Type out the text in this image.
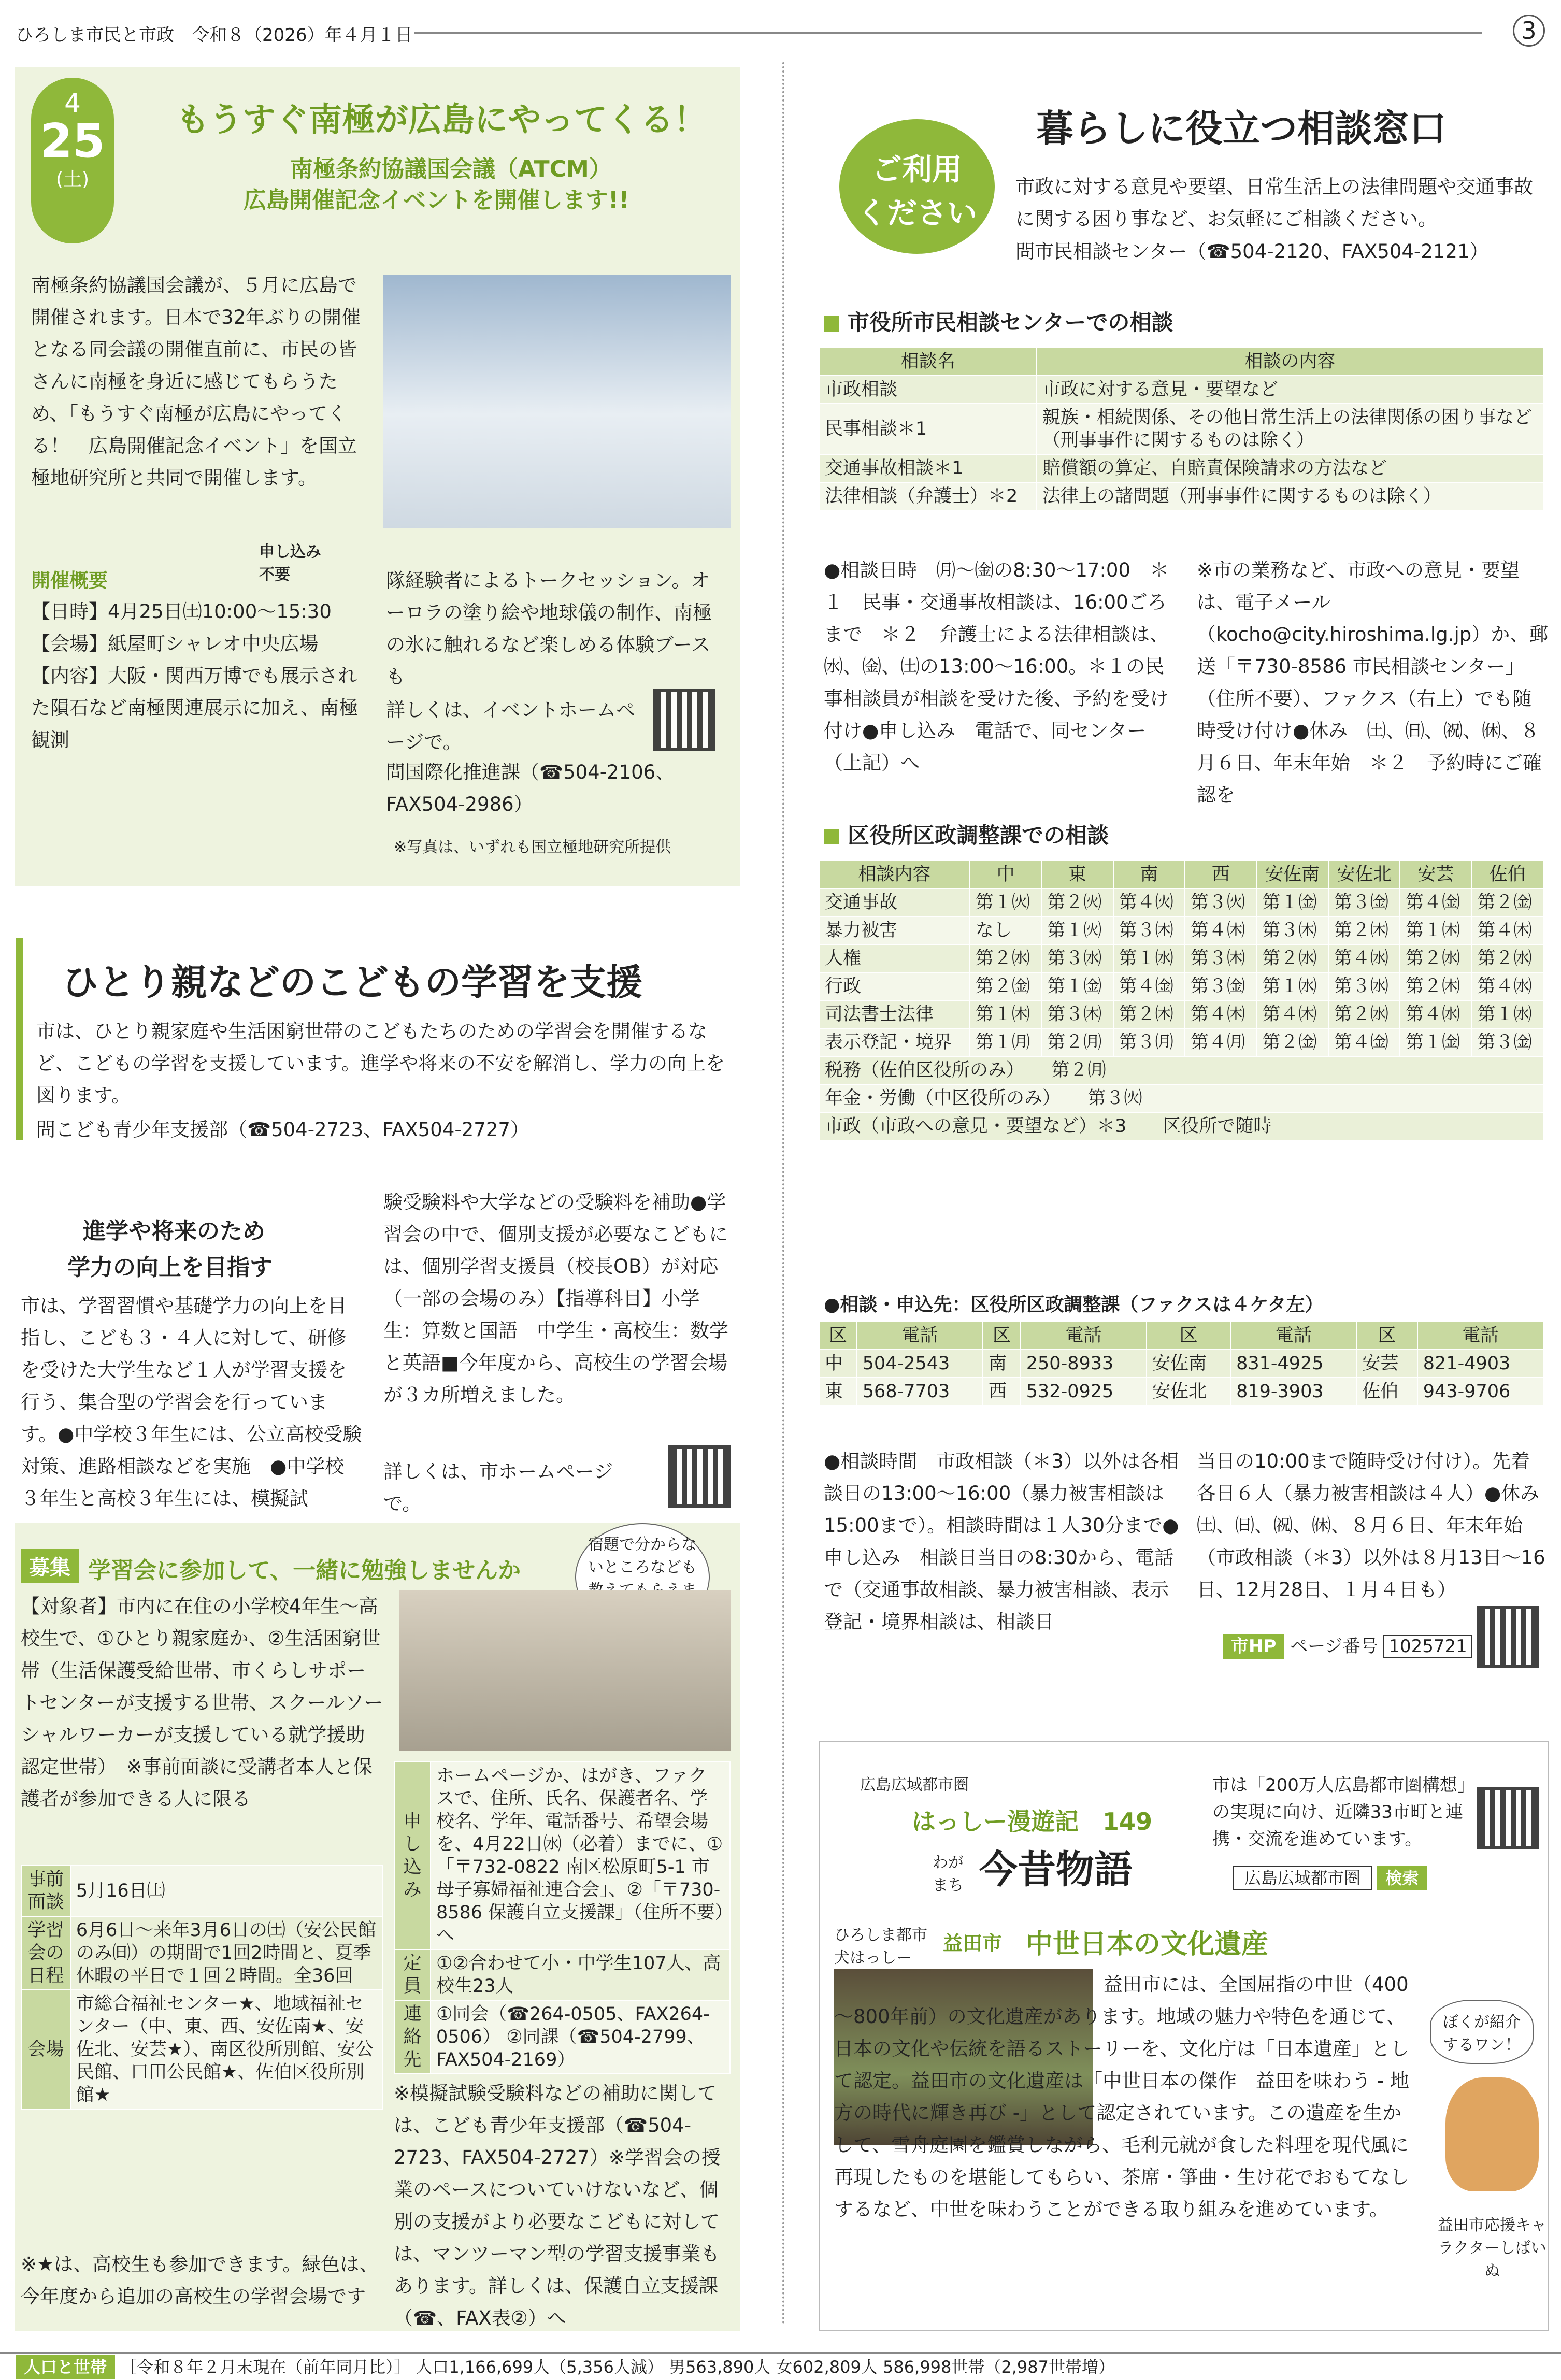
ひろしま市民と市政　令和８（2026）年４月１日	3
4
25
(土)
もうすぐ南極が広島にやってくる！
南極条約協議国会議（ATCM）
広島開催記念イベントを開催します!!
南極条約協議国会議が、５月に広島で開催されます。日本で32年ぶりの開催となる同会議の開催直前に、市民の皆さんに南極を身近に感じてもらうため、「もうすぐ南極が広島にやってくる！　広島開催記念イベント」を国立極地研究所と共同で開催します。
申し込み不要
開催概要
【日時】4月25日㈯10:00～15:30
【会場】紙屋町シャレオ中央広場
【内容】大阪・関西万博でも展示された隕石など南極関連展示に加え、南極観測
隊経験者によるトークセッション。オーロラの塗り絵や地球儀の制作、南極の氷に触れるなど楽しめる体験ブースも
詳しくは、イベントホームページで。
問国際化推進課（☎504-2106、FAX504-2986）
※写真は、いずれも国立極地研究所提供
ひとり親などのこどもの学習を支援
市は、ひとり親家庭や生活困窮世帯のこどもたちのための学習会を開催するなど、こどもの学習を支援しています。進学や将来の不安を解消し、学力の向上を図ります。
問こども青少年支援部（☎504-2723、FAX504-2727）
進学や将来のため
学力の向上を目指す
市は、学習習慣や基礎学力の向上を目指し、こども３・４人に対して、研修を受けた大学生など１人が学習支援を行う、集合型の学習会を行っています。●中学校３年生には、公立高校受験対策、進路相談などを実施　●中学校３年生と高校３年生には、模擬試
験受験料や大学などの受験料を補助●学習会の中で、個別支援が必要なこどもには、個別学習支援員（校長OB）が対応（一部の会場のみ）【指導科目】小学生：算数と国語　中学生・高校生：数学と英語■今年度から、高校生の学習会場が３カ所増えました。
詳しくは、市ホームページで。
募集 学習会に参加して、一緒に勉強しませんか
宿題で分からないところなども
【対象者】市内に在住の小学校4年生～高校生で、①ひとり親家庭か、②生活困窮世帯（生活保護受給世帯、市くらしサポートセンターが支援する世帯、スクールソーシャルワーカーが支援している就学援助認定世帯）　※事前面談に受講者本人と保護者が参加できる人に限る
事前面談	5月16日㈯
学習会の日程	6月6日～来年3月6日の㈯（安公民館のみ㈰）の期間で1回2時間と、夏季休暇の平日で１回２時間。全36回
会場	市総合福祉センター★、地域福祉センター（中、東、西、安佐南★、安佐北、安芸★）、南区役所別館、安公民館、口田公民館★、佐伯区役所別館★
※★は、高校生も参加できます。緑色は、今年度から追加の高校生の学習会場です
申し込み	ホームページか、はがき、ファクスで、住所、氏名、保護者名、学校名、学年、電話番号、希望会場を、4月22日㈬（必着）までに、①「〒732-0822 南区松原町5-1 市母子寡婦福祉連合会」、②「〒730-8586 保護自立支援課」（住所不要）へ
定員	①②合わせて小・中学生107人、高校生23人
連絡先	①同会（☎264-0505、FAX264-0506） ②同課（☎504-2799、FAX504-2169）
※模擬試験受験料などの補助に関しては、こども青少年支援部（☎504-2723、FAX504-2727）※学習会の授業のペースについていけないなど、個別の支援がより必要なこどもに対しては、マンツーマン型の学習支援事業もあります。詳しくは、保護自立支援課（☎、FAX表②）へ
ご利用
ください
暮らしに役立つ相談窓口
市政に対する意見や要望、日常生活上の法律問題や交通事故に関する困り事など、お気軽にご相談ください。
問市民相談センター（☎504-2120、FAX504-2121）
市役所市民相談センターでの相談
相談名	相談の内容
市政相談	市政に対する意見・要望など
民事相談＊1	親族・相続関係、その他日常生活上の法律関係の困り事など（刑事事件に関するものは除く）
交通事故相談＊1	賠償額の算定、自賠責保険請求の方法など
法律相談（弁護士）＊2	法律上の諸問題（刑事事件に関するものは除く）
●相談日時　㈪～㈮の8:30～17:00　＊１　民事・交通事故相談は、16:00ごろまで　＊２　弁護士による法律相談は、㈬、㈮、㈯の13:00～16:00。＊１の民事相談員が相談を受けた後、予約を受け付け●申し込み　電話で、同センター（上記）へ
※市の業務など、市政への意見・要望は、電子メール（kocho@city.hiroshima.lg.jp）か、郵送「〒730-8586 市民相談センター」（住所不要）、ファクス（右上）でも随時受け付け●休み　㈯、㈰、㈷、㉁、８月６日、年末年始　＊２　予約時にご確認を
区役所区政調整課での相談
相談内容	中	東	南	西	安佐南	安佐北	安芸	佐伯
交通事故	第１㈫	第２㈫	第４㈫	第３㈫	第１㈮	第３㈮	第４㈮	第２㈮
暴力被害	なし	第１㈫	第３㈭	第４㈭	第３㈭	第２㈭	第１㈭	第４㈭
人権	第２㈬	第３㈬	第１㈬	第３㈭	第２㈬	第４㈬	第２㈬	第２㈬
行政	第２㈮	第１㈮	第４㈮	第３㈮	第１㈬	第３㈬	第２㈭	第４㈬
司法書士法律	第１㈭	第３㈭	第２㈭	第４㈭	第４㈭	第２㈬	第４㈬	第１㈬
表示登記・境界	第１㈪	第２㈪	第３㈪	第４㈪	第２㈮	第４㈮	第１㈮	第３㈮
税務（佐伯区役所のみ）　　第２㈪								
年金・労働（中区役所のみ）　　第３㈫								
市政（市政への意見・要望など）＊3　　区役所で随時								
●相談・申込先：区役所区政調整課（ファクスは４ケタ左）
区	電話	区	電話	区	電話	区	電話
中	504-2543	南	250-8933	安佐南	831-4925	安芸	821-4903
東	568-7703	西	532-0925	安佐北	819-3903	佐伯	943-9706
●相談時間　市政相談（＊3）以外は各相談日の13:00～16:00（暴力被害相談は15:00まで）。相談時間は１人30分まで●申し込み　相談日当日の8:30から、電話で（交通事故相談、暴力被害相談、表示登記・境界相談は、相談日
当日の10:00まで随時受け付け）。先着各日６人（暴力被害相談は４人）●休み　㈯、㈰、㈷、㉁、８月６日、年末年始（市政相談（＊3）以外は８月13日～16日、12月28日、１月４日も）
市HP ページ番号 1025721
広島広域都市圏
はっしー漫遊記　149
わがまち 今昔物語
ひろしま都市犬はっしー
市は「200万人広島都市圏構想」の実現に向け、近隣33市町と連携・交流を進めています。
広島広域都市圏 検索
益田市 中世日本の文化遺産
益田市には、全国屈指の中世（400～800年前）の文化遺産があります。地域の魅力や特色を通じて、日本の文化や伝統を語るストーリーを、文化庁は「日本遺産」として認定。益田市の文化遺産は「中世日本の傑作　益田を味わう - 地方の時代に輝き再び -」として認定されています。この遺産を生かして、雪舟庭園を鑑賞しながら、毛利元就が食した料理を現代風に再現したものを堪能してもらい、茶席・箏曲・生け花でおもてなしするなど、中世を味わうことができる取り組みを進めています。
ぼくが紹介するワン！
益田市応援キャラクターしばいぬ
人口と世帯 ［令和８年２月末現在（前年同月比）］ 人口1,166,699人（5,356人減） 男563,890人 女602,809人 586,998世帯（2,987世帯増）
